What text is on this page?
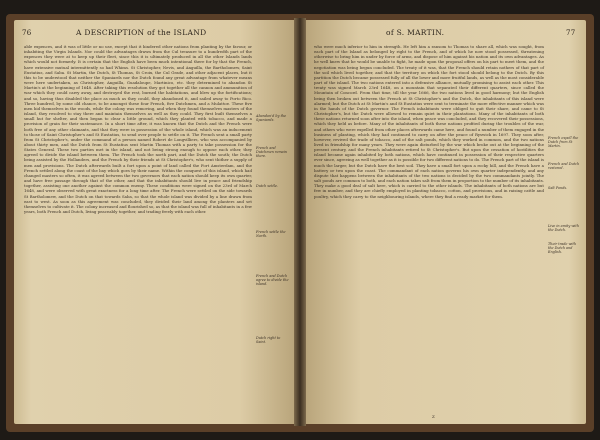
76	A DESCRIPTION of the ISLAND
able expences, and it was of little or no use, except that it hindered other nations from planting by the favour, or inhabiting the Virgin Islands. Nor could the advantages drawn from the Cul treasure to a hundredth part of the expences they were at to keep up their fleet, since this it is ultimately produced in all the other Islands lands which would not formerly. It is certain that the English have been much intentional there for by that the French, have extensive mutual intermittently so had Whims. St Christopher, Nevis, and Anguilla, the Bartholomew, Saint Eustatius, and Saba. St Martin, the Dutch, St Thomas, St Croix, the Cul Grade, and other adjacent places, but it this to be understood that neither the Spaniards nor the Dutch found any great advantage from whatever means were here undertaken, as Christopher, Anguilla, Guadaloupe, Martinico, etc. they determined to abandon St Martin's at the beginning of 1648. After taking this resolution they got together all the cannon and ammunition of war which they could carry away, and destroyed the rest, burned the habitations, and blew up the fortifications; and so, having thus disabled the place as much as they could, they abandoned it, and sailed away to Porto Rico. Three hundred, by some old chance, to be amongst these four French, five Dutchmen, and a Mulattoe. These five men hid themselves in the woods, while the colony was removing, and when they found themselves masters of the island, they resolved to stay there and maintain themselves as well as they could. They first built themselves a small hut for shelter, and then began to clear a little ground, which they planted with tobacco, and made a provision of grain for their sustenance. In a short time after, it was known that the Dutch and the French were both free of any other claimants, and that they were in possession of the whole island, which was an inducement to those of Saint Christopher's and St Eustatius, to send over people to settle on it. The French sent a small party from St Christopher's, under the command of a person named Robert de Longvilliers, who was accompanied by about thirty men, and the Dutch from St Eustatius sent Martin Thomas with a party to take possession for the States General. These two parties met in the island, and not being strong enough to oppose each other, they agreed to divide the island between them. The French took the north part, and the Dutch the south; the Dutch being assisted by the Hollanders, and the French by their friends at St Christopher's, who sent thither a supply of men and provisions. The Dutch afterwards built a fort upon a point of land called the Fort Amsterdam, and the French settled along the coast of the bay which goes by their name. Within the conquest of this island, which had changed masters so often, it was agreed between the two governors that each nation should keep its own quarter, and have free passage through that of the other, and that the inhabitants should live in peace and friendship together, assisting one another against the common enemy. These conditions were signed on the 23rd of March 1648, and were observed with great exactness for a long time after. The French were settled on the side towards St Bartholomew, and the Dutch on that towards Saba, so that the whole island was divided by a line drawn from east to west. As soon as this agreement was concluded, they divided their land among the planters and set themselves to cultivate it. The colony increased and flourished so, as that the island was full of inhabitants in a few years, both French and Dutch, living peaceably together, and trading freely with each other.
Abandon'd by the Spaniards.
French and Dutchmen remain there.
Dutch settle.
French settle the North.
French and Dutch agree to divide the island.
Dutch right to Saint.
of S. MARTIN.	77
who were much inferior to him in strength. He left him a ransom to Thomas to share all, which was sought, from each part of the Island as belonged by right to the French, and of which he now stood possessed, threatening otherwise to bring him in under by force of arms, and dispose of him against his nation and its own advantages. As he well knew that he would be unable to fight, he made upon the proposal offers on his part to meet them, and the negotiation was being begun concluded. The treaty of it was, that the French should retain nothers of that part of the soil which lived together, and that the territory on which the fort stood should belong to the Dutch. By this partition the Dutch became possessed fully of all the lower and more fruitful lands, as well as the most considerable part of the island. The two nations entered into a defensive alliance, mutually promising to assist each other. This treaty was signed March 23rd 1648, on a mountain that separated their different quarters, since called the Mountain of Concord. From that time, till the year 1666, the two nations lived in good harmony; but the English being then broken out between the French at St Christopher's and the Dutch, the inhabitants of this island were alarmed; but the Dutch at St Martin's and St Eustatius were sent to terminate the more effective manner which was in the hands of the Dutch governor. The French inhabitants were obliged to quit their share, and came to St Christopher's, but the Dutch were allowed to remain quiet in their plantations. Many of the inhabitants of both these nations returned soon after into the island, when peace was concluded, and they recovered their possessions, which they held as before. Many of the inhabitants of both these nations profited during the troubles of the war, and others who were expelled from other places afterwards came here, and found a number of them engaged in the business of planting, which they had continued to carry on after the peace of Ryswick in 1697. They soon after, however, revived the trade of tobacco, and of the salt ponds, which they worked in common, and the two nations lived in friendship for many years. They were again disturbed by the war which broke out at the beginning of the present century, and the French inhabitants retired to St Christopher's. But upon the cessation of hostilities the island became again inhabited by both nations, which have continued in possession of their respective quarters ever since, agreeing as well together as it is possible for two different nations to do. The French part of the island is much the larger, but the Dutch have the best soil. They have a small fort upon a rocky hill, and the French have a battery or two upon the coast. The commandant of each nation governs his own quarter independently, and any dispute that happens between the inhabitants of the two nations is decided by the two commandants jointly. The salt ponds are common to both, and each nation takes salt from them in proportion to the number of its inhabitants. They make a good deal of salt here, which is carried to the other islands. The inhabitants of both nations are but few in number, and they are chiefly employed in planting tobacco, cotton, and provisions, and in raising cattle and poultry, which they carry to the neighbouring islands, where they find a ready market for them.
French expell the Dutch from St Martin.
French and Dutch restored.
Salt Ponds.
Live in amity with the Dutch.
Their trade with the Dutch and English.
Z
